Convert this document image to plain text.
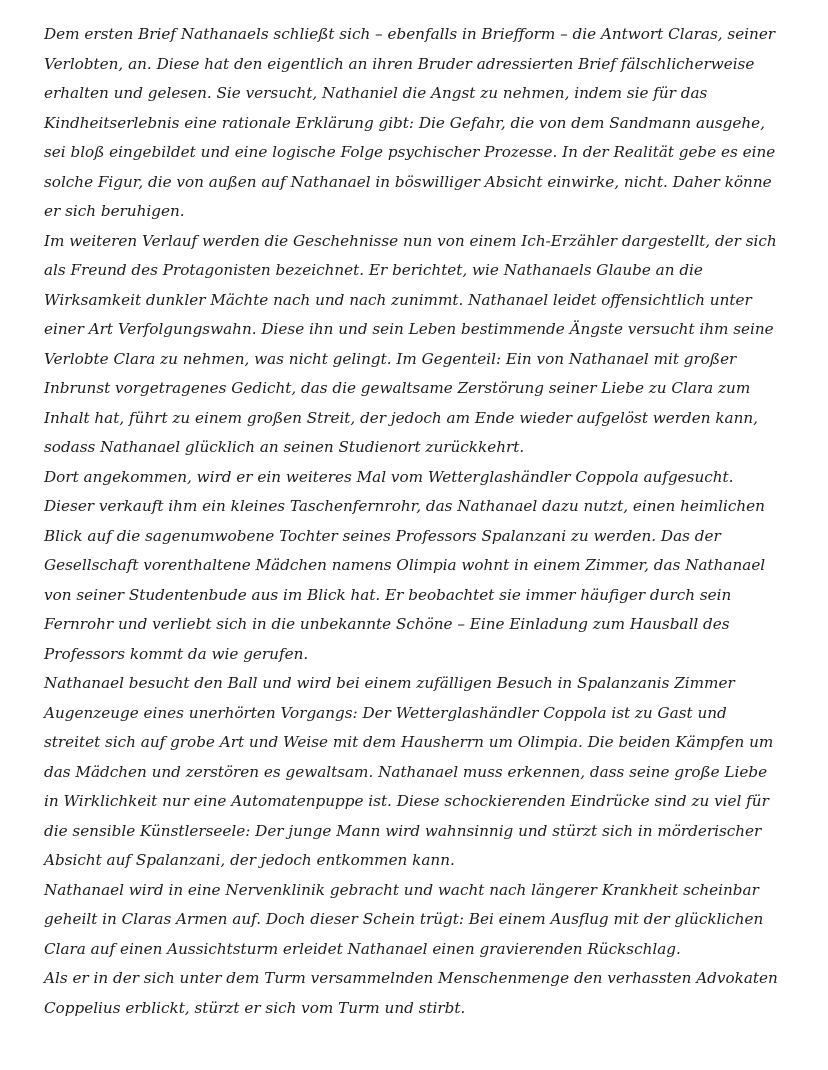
Dem ersten Brief Nathanaels schließt sich – ebenfalls in Briefform – die Antwort Claras, seiner Verlobten, an. Diese hat den eigentlich an ihren Bruder adressierten Brief fälschlicherweise erhalten und gelesen. Sie versucht, Nathaniel die Angst zu nehmen, indem sie für das Kindheitserlebnis eine rationale Erklärung gibt: Die Gefahr, die von dem Sandmann ausgehe, sei bloß eingebildet und eine logische Folge psychischer Prozesse. In der Realität gebe es eine solche Figur, die von außen auf Nathanael in böswilliger Absicht einwirke, nicht. Daher könne er sich beruhigen.

Im weiteren Verlauf werden die Geschehnisse nun von einem Ich-Erzähler dargestellt, der sich als Freund des Protagonisten bezeichnet. Er berichtet, wie Nathanaels Glaube an die Wirksamkeit dunkler Mächte nach und nach zunimmt. Nathanael leidet offensichtlich unter einer Art Verfolgungswahn. Diese ihn und sein Leben bestimmende Ängste versucht ihm seine Verlobte Clara zu nehmen, was nicht gelingt. Im Gegenteil: Ein von Nathanael mit großer Inbrunst vorgetragenes Gedicht, das die gewaltsame Zerstörung seiner Liebe zu Clara zum Inhalt hat, führt zu einem großen Streit, der jedoch am Ende wieder aufgelöst werden kann, sodass Nathanael glücklich an seinen Studienort zurückkehrt.

Dort angekommen, wird er ein weiteres Mal vom Wetterglashändler Coppola aufgesucht. Dieser verkauft ihm ein kleines Taschenfernrohr, das Nathanael dazu nutzt, einen heimlichen Blick auf die sagenumwobene Tochter seines Professors Spalanzani zu werden. Das der Gesellschaft vorenthaltene Mädchen namens Olimpia wohnt in einem Zimmer, das Nathanael von seiner Studentenbude aus im Blick hat. Er beobachtet sie immer häufiger durch sein Fernrohr und verliebt sich in die unbekannte Schöne – Eine Einladung zum Hausball des Professors kommt da wie gerufen.

Nathanael besucht den Ball und wird bei einem zufälligen Besuch in Spalanzanis Zimmer Augenzeuge eines unerhörten Vorgangs: Der Wetterglashändler Coppola ist zu Gast und streitet sich auf grobe Art und Weise mit dem Hausherrn um Olimpia. Die beiden Kämpfen um das Mädchen und zerstören es gewaltsam. Nathanael muss erkennen, dass seine große Liebe in Wirklichkeit nur eine Automatenpuppe ist. Diese schockierenden Eindrücke sind zu viel für die sensible Künstlerseele: Der junge Mann wird wahnsinnig und stürzt sich in mörderischer Absicht auf Spalanzani, der jedoch entkommen kann.

Nathanael wird in eine Nervenklinik gebracht und wacht nach längerer Krankheit scheinbar geheilt in Claras Armen auf. Doch dieser Schein trügt: Bei einem Ausflug mit der glücklichen Clara auf einen Aussichtsturm erleidet Nathanael einen gravierenden Rückschlag.

Als er in der sich unter dem Turm versammelnden Menschenmenge den verhassten Advokaten Coppelius erblickt, stürzt er sich vom Turm und stirbt.
